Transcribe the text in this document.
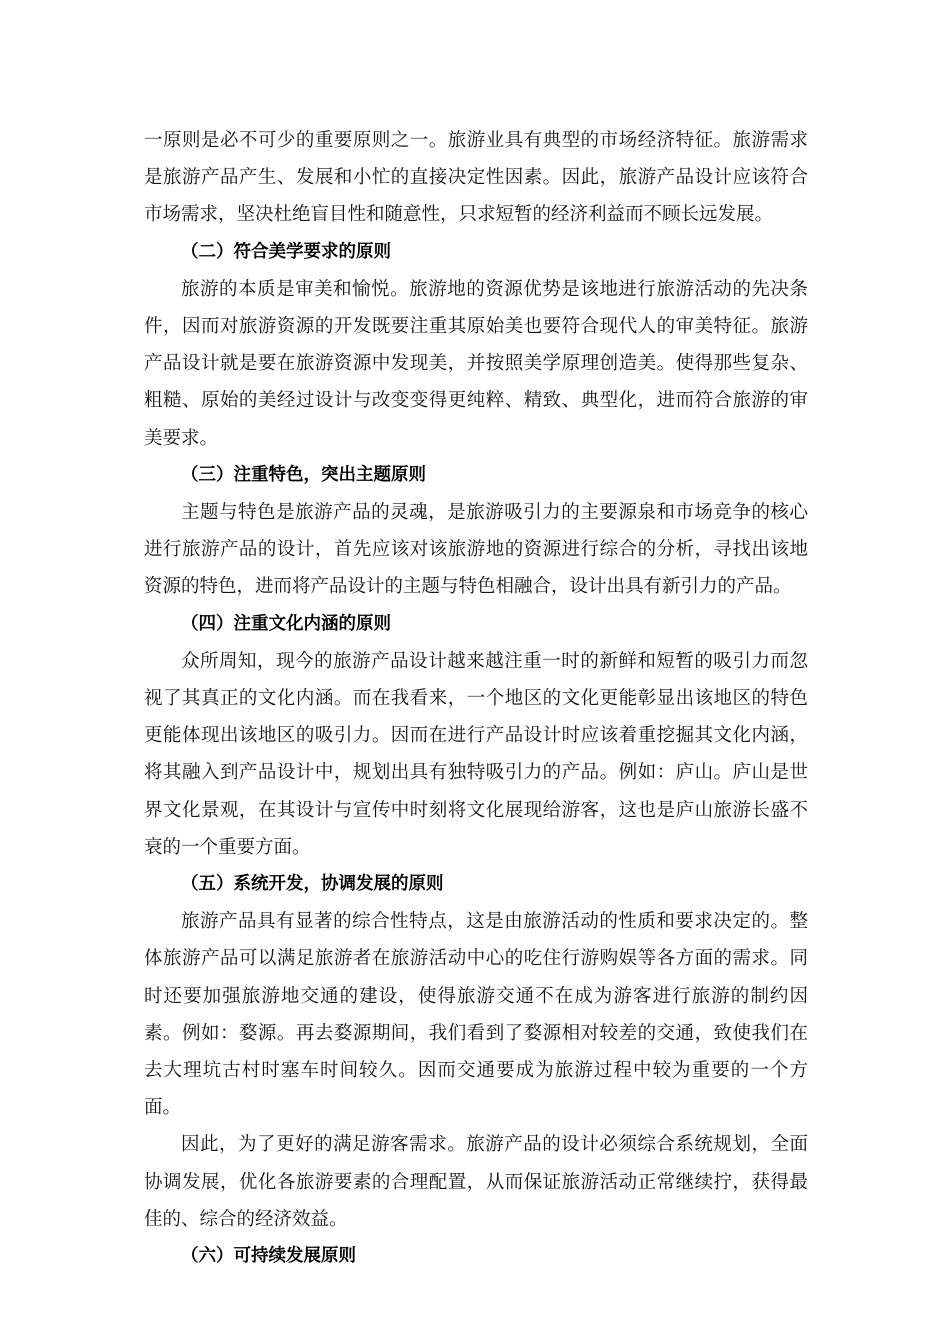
一原则是必不可少的重要原则之一。旅游业具有典型的市场经济特征。旅游需求是旅游产品产生、发展和小忙的直接决定性因素。因此，旅游产品设计应该符合市场需求，坚决杜绝盲目性和随意性，只求短暂的经济利益而不顾长远发展。

（二）符合美学要求的原则

旅游的本质是审美和愉悦。旅游地的资源优势是该地进行旅游活动的先决条件，因而对旅游资源的开发既要注重其原始美也要符合现代人的审美特征。旅游产品设计就是要在旅游资源中发现美，并按照美学原理创造美。使得那些复杂、粗糙、原始的美经过设计与改变变得更纯粹、精致、典型化，进而符合旅游的审美要求。

（三）注重特色，突出主题原则

主题与特色是旅游产品的灵魂，是旅游吸引力的主要源泉和市场竞争的核心进行旅游产品的设计，首先应该对该旅游地的资源进行综合的分析，寻找出该地资源的特色，进而将产品设计的主题与特色相融合，设计出具有新引力的产品。

（四）注重文化内涵的原则

众所周知，现今的旅游产品设计越来越注重一时的新鲜和短暂的吸引力而忽视了其真正的文化内涵。而在我看来，一个地区的文化更能彰显出该地区的特色更能体现出该地区的吸引力。因而在进行产品设计时应该着重挖掘其文化内涵，将其融入到产品设计中，规划出具有独特吸引力的产品。例如：庐山。庐山是世界文化景观，在其设计与宣传中时刻将文化展现给游客，这也是庐山旅游长盛不衰的一个重要方面。

（五）系统开发，协调发展的原则

旅游产品具有显著的综合性特点，这是由旅游活动的性质和要求决定的。整体旅游产品可以满足旅游者在旅游活动中心的吃住行游购娱等各方面的需求。同时还要加强旅游地交通的建设，使得旅游交通不在成为游客进行旅游的制约因素。例如：婺源。再去婺源期间，我们看到了婺源相对较差的交通，致使我们在去大理坑古村时塞车时间较久。因而交通要成为旅游过程中较为重要的一个方面。

因此，为了更好的满足游客需求。旅游产品的设计必须综合系统规划，全面协调发展，优化各旅游要素的合理配置，从而保证旅游活动正常继续拧，获得最佳的、综合的经济效益。

（六）可持续发展原则
